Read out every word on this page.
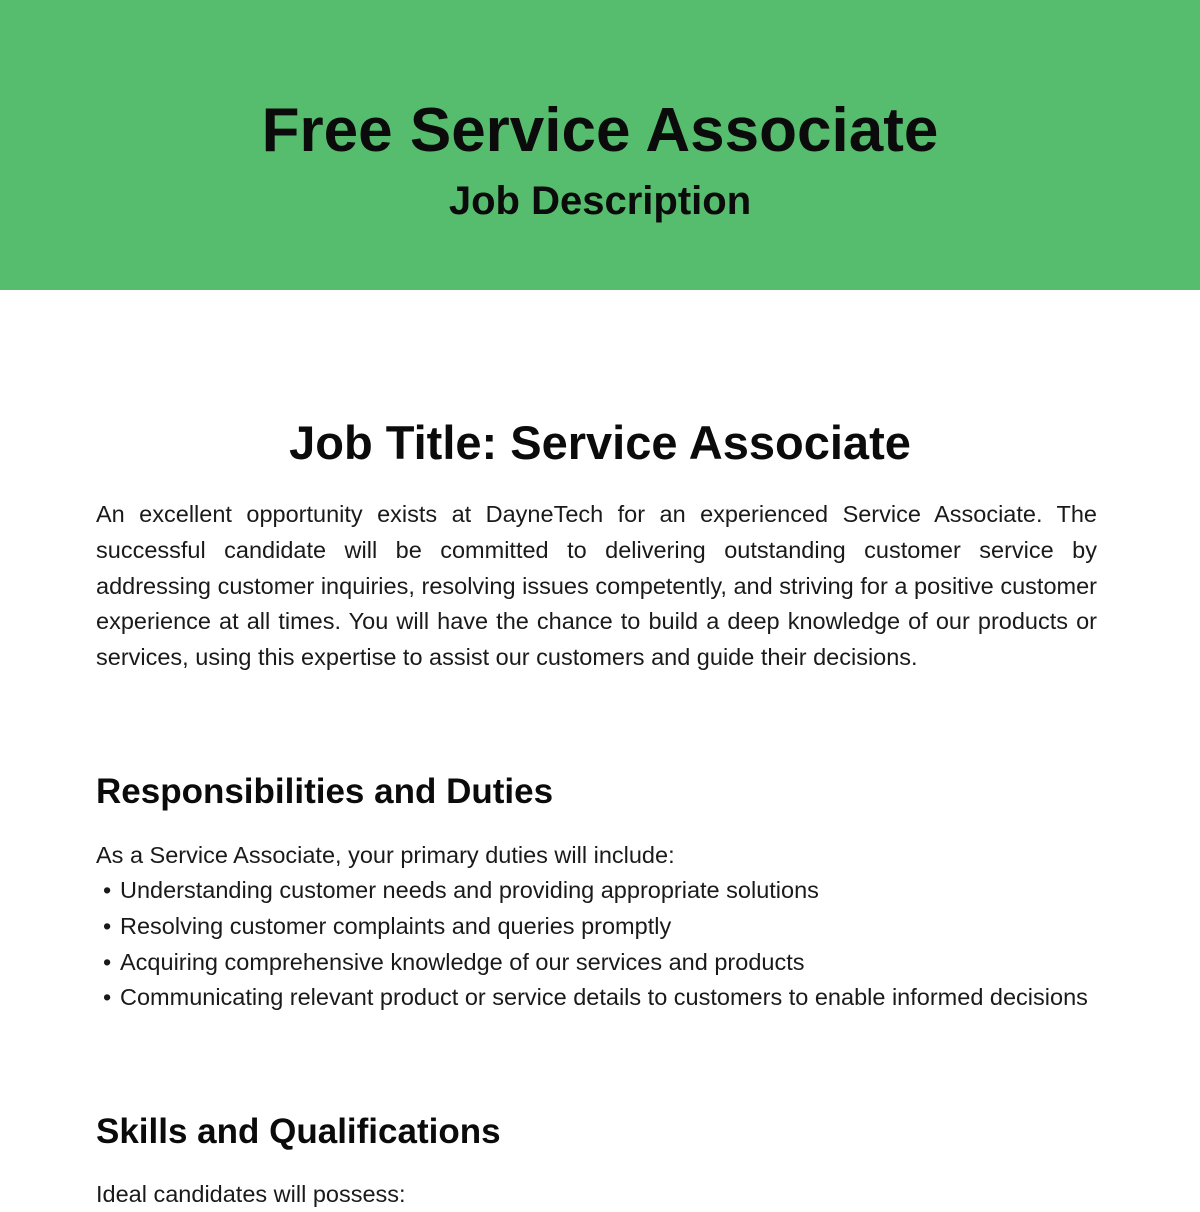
Free Service Associate
Job Description
Job Title: Service Associate

An excellent opportunity exists at DayneTech for an experienced Service Associate. The successful candidate will be committed to delivering outstanding customer service by addressing customer inquiries, resolving issues competently, and striving for a positive customer experience at all times. You will have the chance to build a deep knowledge of our products or services, using this expertise to assist our customers and guide their decisions.

Responsibilities and Duties

As a Service Associate, your primary duties will include:

• Understanding customer needs and providing appropriate solutions
• Resolving customer complaints and queries promptly
• Acquiring comprehensive knowledge of our services and products
• Communicating relevant product or service details to customers to enable informed decisions
Skills and Qualifications

Ideal candidates will possess:
